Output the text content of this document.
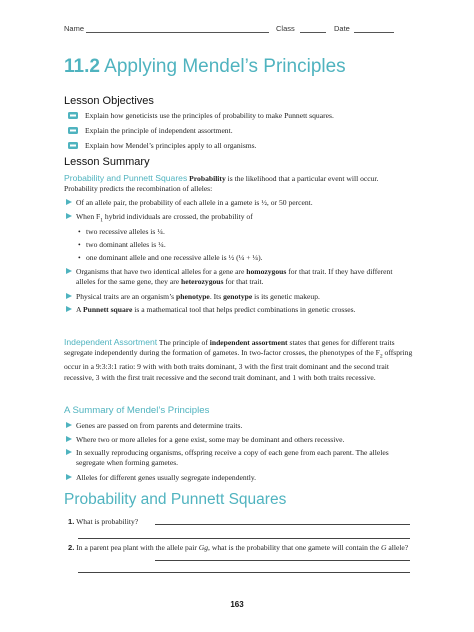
Name	Class	Date
11.2 Applying Mendel’s Principles
Lesson Objectives
Explain how geneticists use the principles of probability to make Punnett squares.
Explain the principle of independent assortment.
Explain how Mendel’s principles apply to all organisms.
Lesson Summary
Probability and Punnett Squares Probability is the likelihood that a particular event will occur. Probability predicts the recombination of alleles:
Of an allele pair, the probability of each allele in a gamete is ½, or 50 percent.
When $F_1$ hybrid individuals are crossed, the probability of
• two recessive alleles is ¼.
• two dominant alleles is ¼.
• one dominant allele and one recessive allele is ½ (¼ + ¼).
Organisms that have two identical alleles for a gene are homozygous for that trait. If they have different alleles for the same gene, they are heterozygous for that trait.
Physical traits are an organism’s phenotype. Its genotype is its genetic makeup.
A Punnett square is a mathematical tool that helps predict combinations in genetic crosses.
Independent Assortment The principle of independent assortment states that genes for different traits segregate independently during the formation of gametes. In two-factor crosses, the phenotypes of the $F_2$ offspring occur in a 9:3:3:1 ratio: 9 with with both traits dominant, 3 with the first trait dominant and the second trait recessive, 3 with the first trait recessive and the second trait dominant, and 1 with both traits recessive.
A Summary of Mendel’s Principles
Genes are passed on from parents and determine traits.
Where two or more alleles for a gene exist, some may be dominant and others recessive.
In sexually reproducing organisms, offspring receive a copy of each gene from each parent. The alleles segregate when forming gametes.
Alleles for different genes usually segregate independently.
Probability and Punnett Squares
1. What is probability?
2. In a parent pea plant with the allele pair Gg, what is the probability that one gamete will contain the G allele?
163
